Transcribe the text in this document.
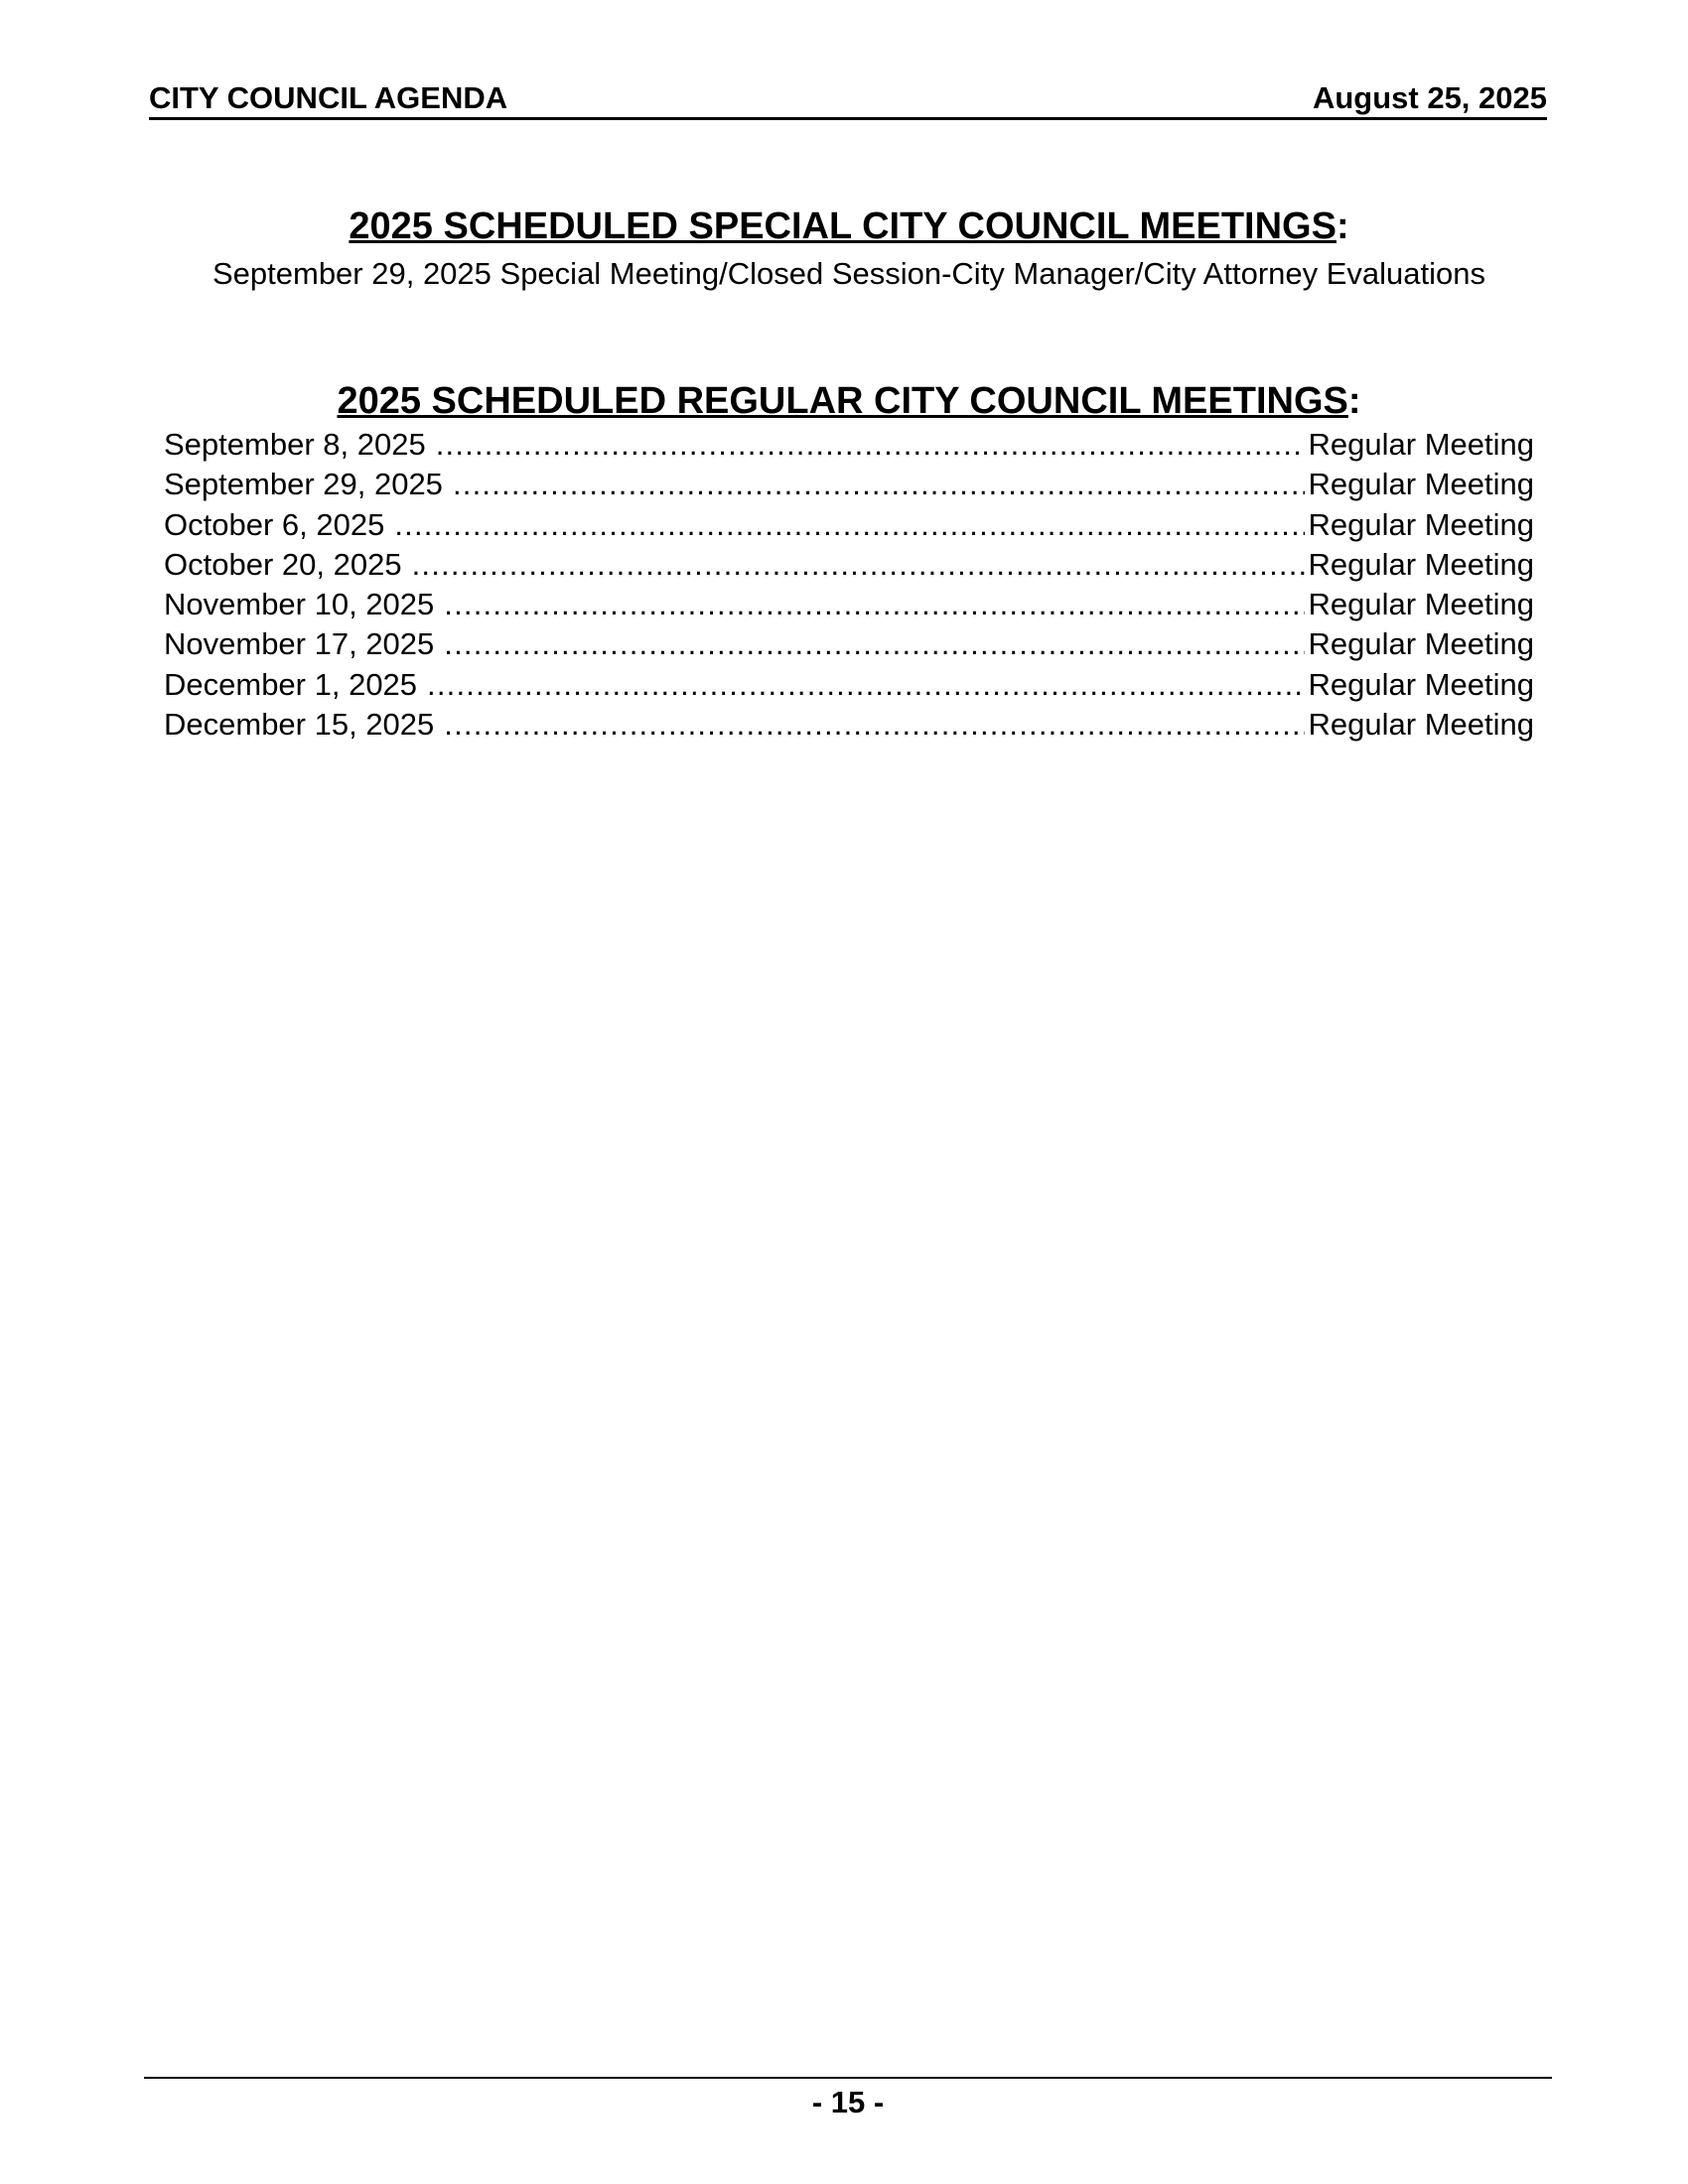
CITY COUNCIL AGENDA	August 25, 2025
2025 SCHEDULED SPECIAL CITY COUNCIL MEETINGS:
September 29, 2025 Special Meeting/Closed Session-City Manager/City Attorney Evaluations
2025 SCHEDULED REGULAR CITY COUNCIL MEETINGS:
September 8, 2025 .....	Regular Meeting
September 29, 2025 .....	Regular Meeting
October 6, 2025 .....	Regular Meeting
October 20, 2025 .....	Regular Meeting
November 10, 2025 .....	Regular Meeting
November 17, 2025 .....	Regular Meeting
December 1, 2025 .....	Regular Meeting
December 15, 2025 .....	Regular Meeting
- 15 -
